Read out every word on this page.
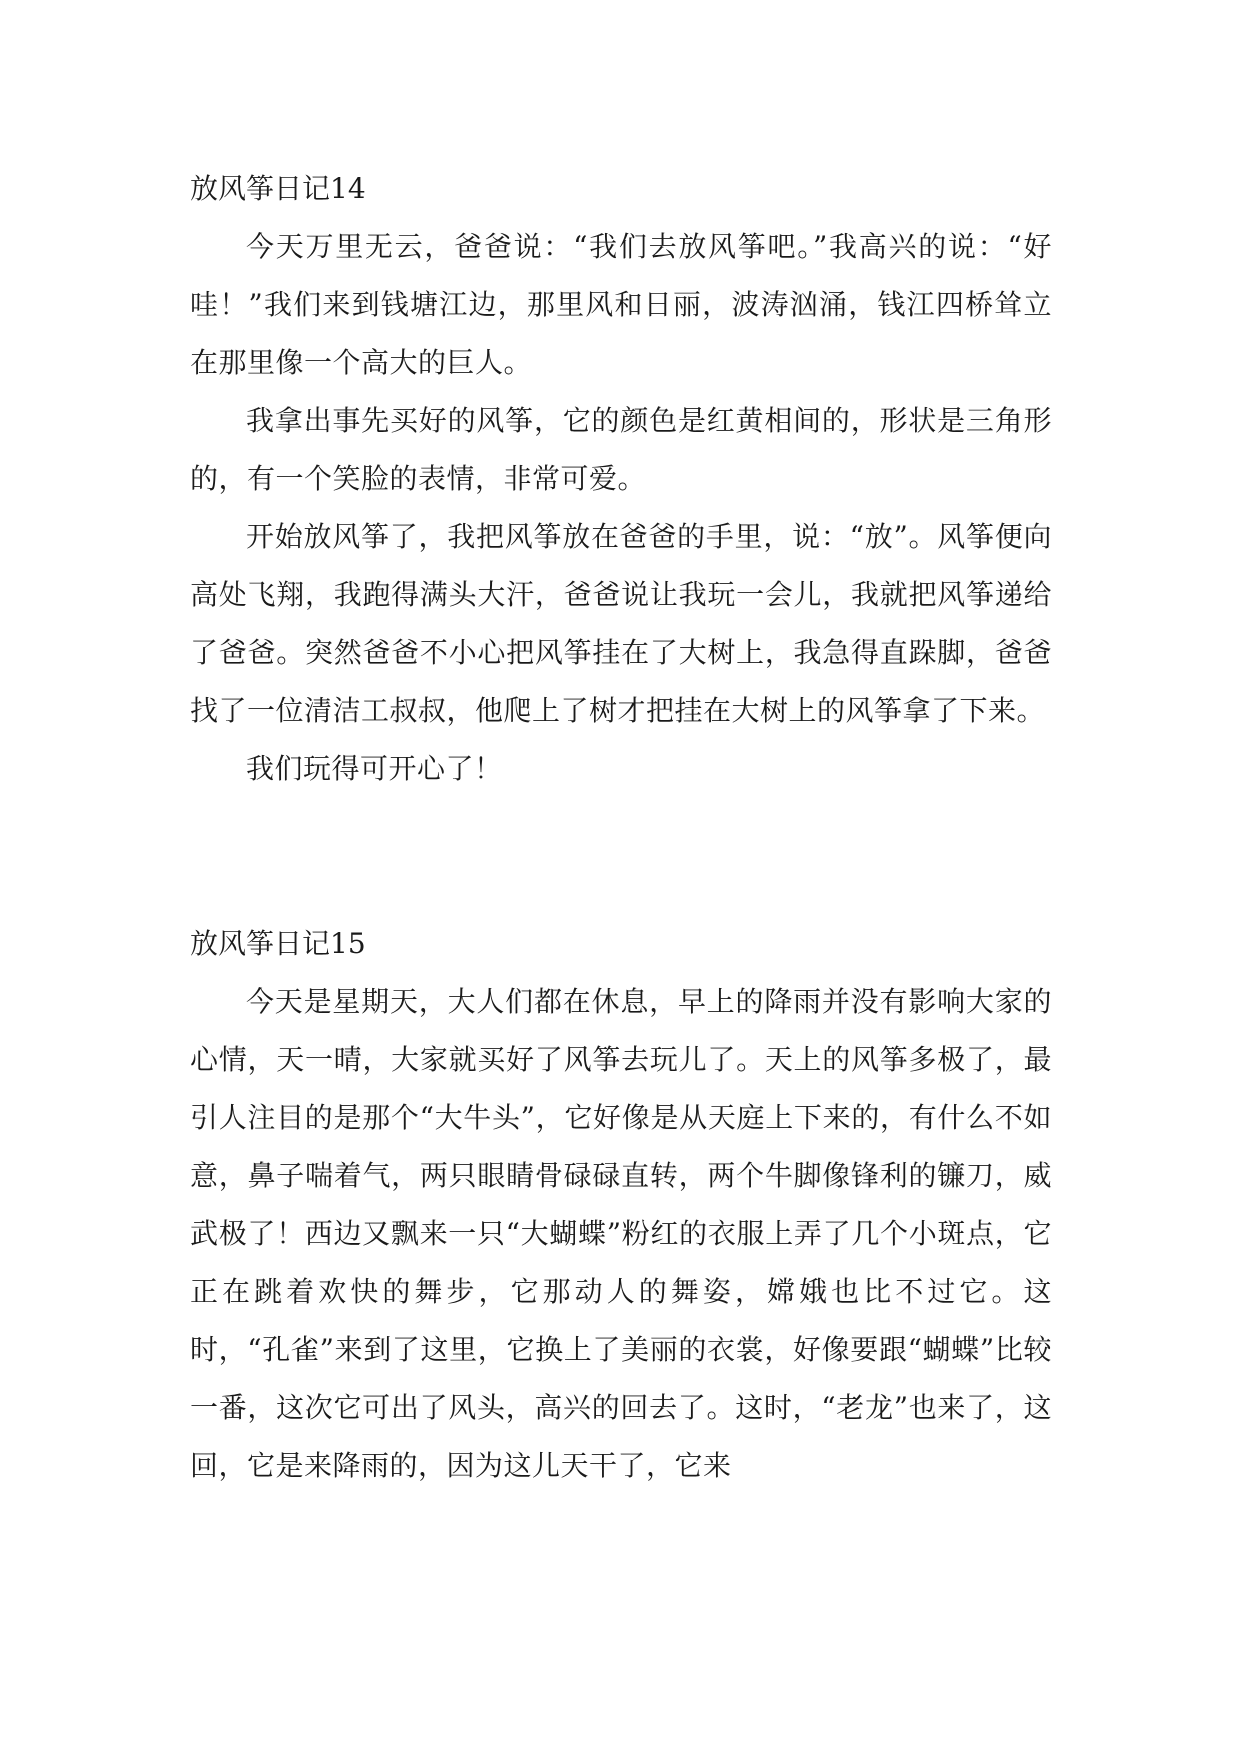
放风筝日记14

今天万里无云，爸爸说：“我们去放风筝吧。”我高兴的说：“好哇！”我们来到钱塘江边，那里风和日丽，波涛汹涌，钱江四桥耸立在那里像一个高大的巨人。

我拿出事先买好的风筝，它的颜色是红黄相间的，形状是三角形的，有一个笑脸的表情，非常可爱。

开始放风筝了，我把风筝放在爸爸的手里，说：“放”。风筝便向高处飞翔，我跑得满头大汗，爸爸说让我玩一会儿，我就把风筝递给了爸爸。突然爸爸不小心把风筝挂在了大树上，我急得直跺脚，爸爸找了一位清洁工叔叔，他爬上了树才把挂在大树上的风筝拿了下来。

我们玩得可开心了！

放风筝日记15

今天是星期天，大人们都在休息，早上的降雨并没有影响大家的心情，天一晴，大家就买好了风筝去玩儿了。天上的风筝多极了，最引人注目的是那个“大牛头”，它好像是从天庭上下来的，有什么不如意，鼻子喘着气，两只眼睛骨碌碌直转，两个牛脚像锋利的镰刀，威武极了！西边又飘来一只“大蝴蝶”粉红的衣服上弄了几个小斑点，它正在跳着欢快的舞步，它那动人的舞姿，嫦娥也比不过它。这时，“孔雀”来到了这里，它换上了美丽的衣裳，好像要跟“蝴蝶”比较一番，这次它可出了风头，高兴的回去了。这时，“老龙”也来了，这回，它是来降雨的，因为这儿天干了，它来
